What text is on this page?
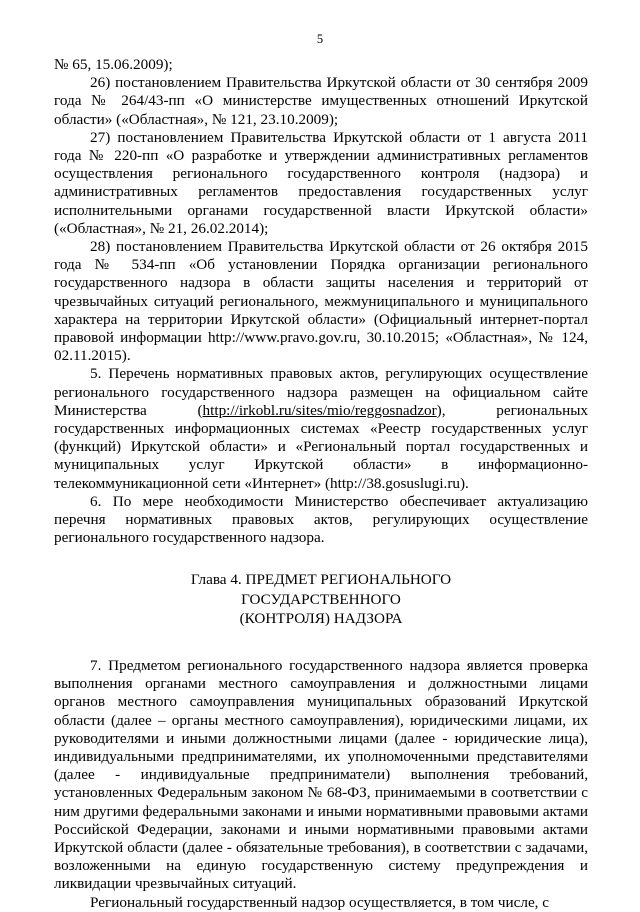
5

№ 65, 15.06.2009);

26) постановлением Правительства Иркутской области от 30 сентября 2009 года № 264/43-пп «О министерстве имущественных отношений Иркутской области» («Областная», № 121, 23.10.2009);

27) постановлением Правительства Иркутской области от 1 августа 2011 года № 220-пп «О разработке и утверждении административных регламентов осуществления регионального государственного контроля (надзора) и административных регламентов предоставления государственных услуг исполнительными органами государственной власти Иркутской области» («Областная», № 21, 26.02.2014);

28) постановлением Правительства Иркутской области от 26 октября 2015 года № 534-пп «Об установлении Порядка организации регионального государственного надзора в области защиты населения и территорий от чрезвычайных ситуаций регионального, межмуниципального и муниципального характера на территории Иркутской области» (Официальный интернет-портал правовой информации http://www.pravo.gov.ru, 30.10.2015; «Областная», № 124, 02.11.2015).

5. Перечень нормативных правовых актов, регулирующих осуществление регионального государственного надзора размещен на официальном сайте Министерства (http://irkobl.ru/sites/mio/reggosnadzor), региональных государственных информационных системах «Реестр государственных услуг (функций) Иркутской области» и «Региональный портал государственных и муниципальных услуг Иркутской области» в информационно-телекоммуникационной сети «Интернет» (http://38.gosuslugi.ru).

6. По мере необходимости Министерство обеспечивает актуализацию перечня нормативных правовых актов, регулирующих осуществление регионального государственного надзора.

Глава 4. ПРЕДМЕТ РЕГИОНАЛЬНОГО ГОСУДАРСТВЕННОГО
(КОНТРОЛЯ) НАДЗОРА

7. Предметом регионального государственного надзора является проверка выполнения органами местного самоуправления и должностными лицами органов местного самоуправления муниципальных образований Иркутской области (далее – органы местного самоуправления), юридическими лицами, их руководителями и иными должностными лицами (далее - юридические лица), индивидуальными предпринимателями, их уполномоченными представителями (далее - индивидуальные предприниматели) выполнения требований, установленных Федеральным законом № 68-ФЗ, принимаемыми в соответствии с ним другими федеральными законами и иными нормативными правовыми актами Российской Федерации, законами и иными нормативными правовыми актами Иркутской области (далее - обязательные требования), в соответствии с задачами, возложенными на единую государственную систему предупреждения и ликвидации чрезвычайных ситуаций.

Региональный государственный надзор осуществляется, в том числе, с
